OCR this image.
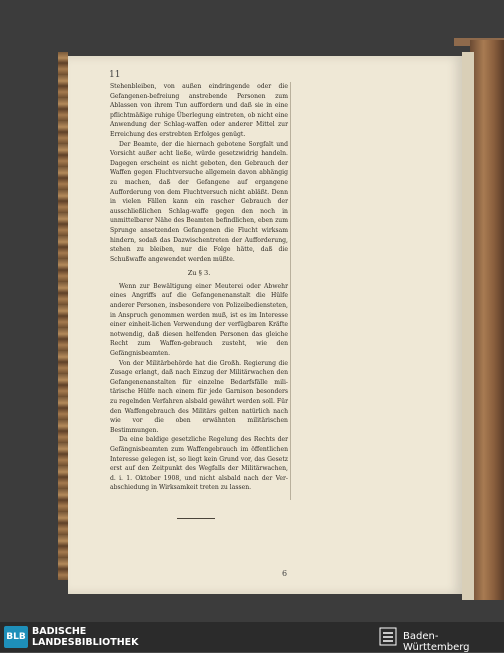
11

Stehenbleiben, von außen eindringende oder die Gefangenen-befreiung anstrebende Personen zum Ablassen von ihrem Tun auffordern und daß sie in eine pflichtmäßige ruhige Überlegung eintreten, ob nicht eine Anwendung der Schlag-waffen oder anderer Mittel zur Erreichung des erstrebten Erfolges genügt.

Der Beamte, der die hiernach gebotene Sorgfalt und Vorsicht außer acht ließe, würde gesetzwidrig handeln. Dagegen erscheint es nicht geboten, den Gebrauch der Waffen gegen Fluchtversuche allgemein davon abhängig zu machen, daß der Gefangene auf ergangene Aufforderung von dem Fluchtversuch nicht abläßt. Denn in vielen Fällen kann ein rascher Gebrauch der ausschließlichen Schlag-waffe gegen den noch in unmittelbarer Nähe des Beamten befindlichen, eben zum Sprunge ansetzenden Gefangenen die Flucht wirksam hindern, sodaß das Dazwischentreten der Aufforderung, stehen zu bleiben, nur die Folge hätte, daß die Schußwaffe angewendet werden müßte.

Zu § 3.

Wenn zur Bewältigung einer Meuterei oder Abwehr eines Angriffs auf die Gefangenenanstalt die Hülfe anderer Personen, insbesondere von Polizeibediensteten, in Anspruch genommen werden muß, ist es im Interesse einer einheit-lichen Verwendung der verfügbaren Kräfte notwendig, daß diesen helfenden Personen das gleiche Recht zum Waffen-gebrauch zusteht, wie den Gefängnisbeamten.

Von der Militärbehörde hat die Großh. Regierung die Zusage erlangt, daß nach Einzug der Militärwachen den Gefangenenanstalten für einzelne Bedarfsfälle mili-tärische Hülfe nach einem für jede Garnison besonders zu regelnden Verfahren alsbald gewährt werden soll. Für den Waffengebrauch des Militärs gelten natürlich nach wie vor die oben erwähnten militärischen Bestimmungen.

Da eine baldige gesetzliche Regelung des Rechts der Gefängnisbeamten zum Waffengebrauch im öffentlichen Interesse gelegen ist, so liegt kein Grund vor, das Gesetz erst auf den Zeitpunkt des Wegfalls der Militärwachen, d. i. 1. Oktober 1908, und nicht alsbald nach der Ver-abschiedung in Wirksamkeit treten zu lassen.

6
BLB BADISCHE
LANDESBIBLIOTHEK
Baden-Württemberg
